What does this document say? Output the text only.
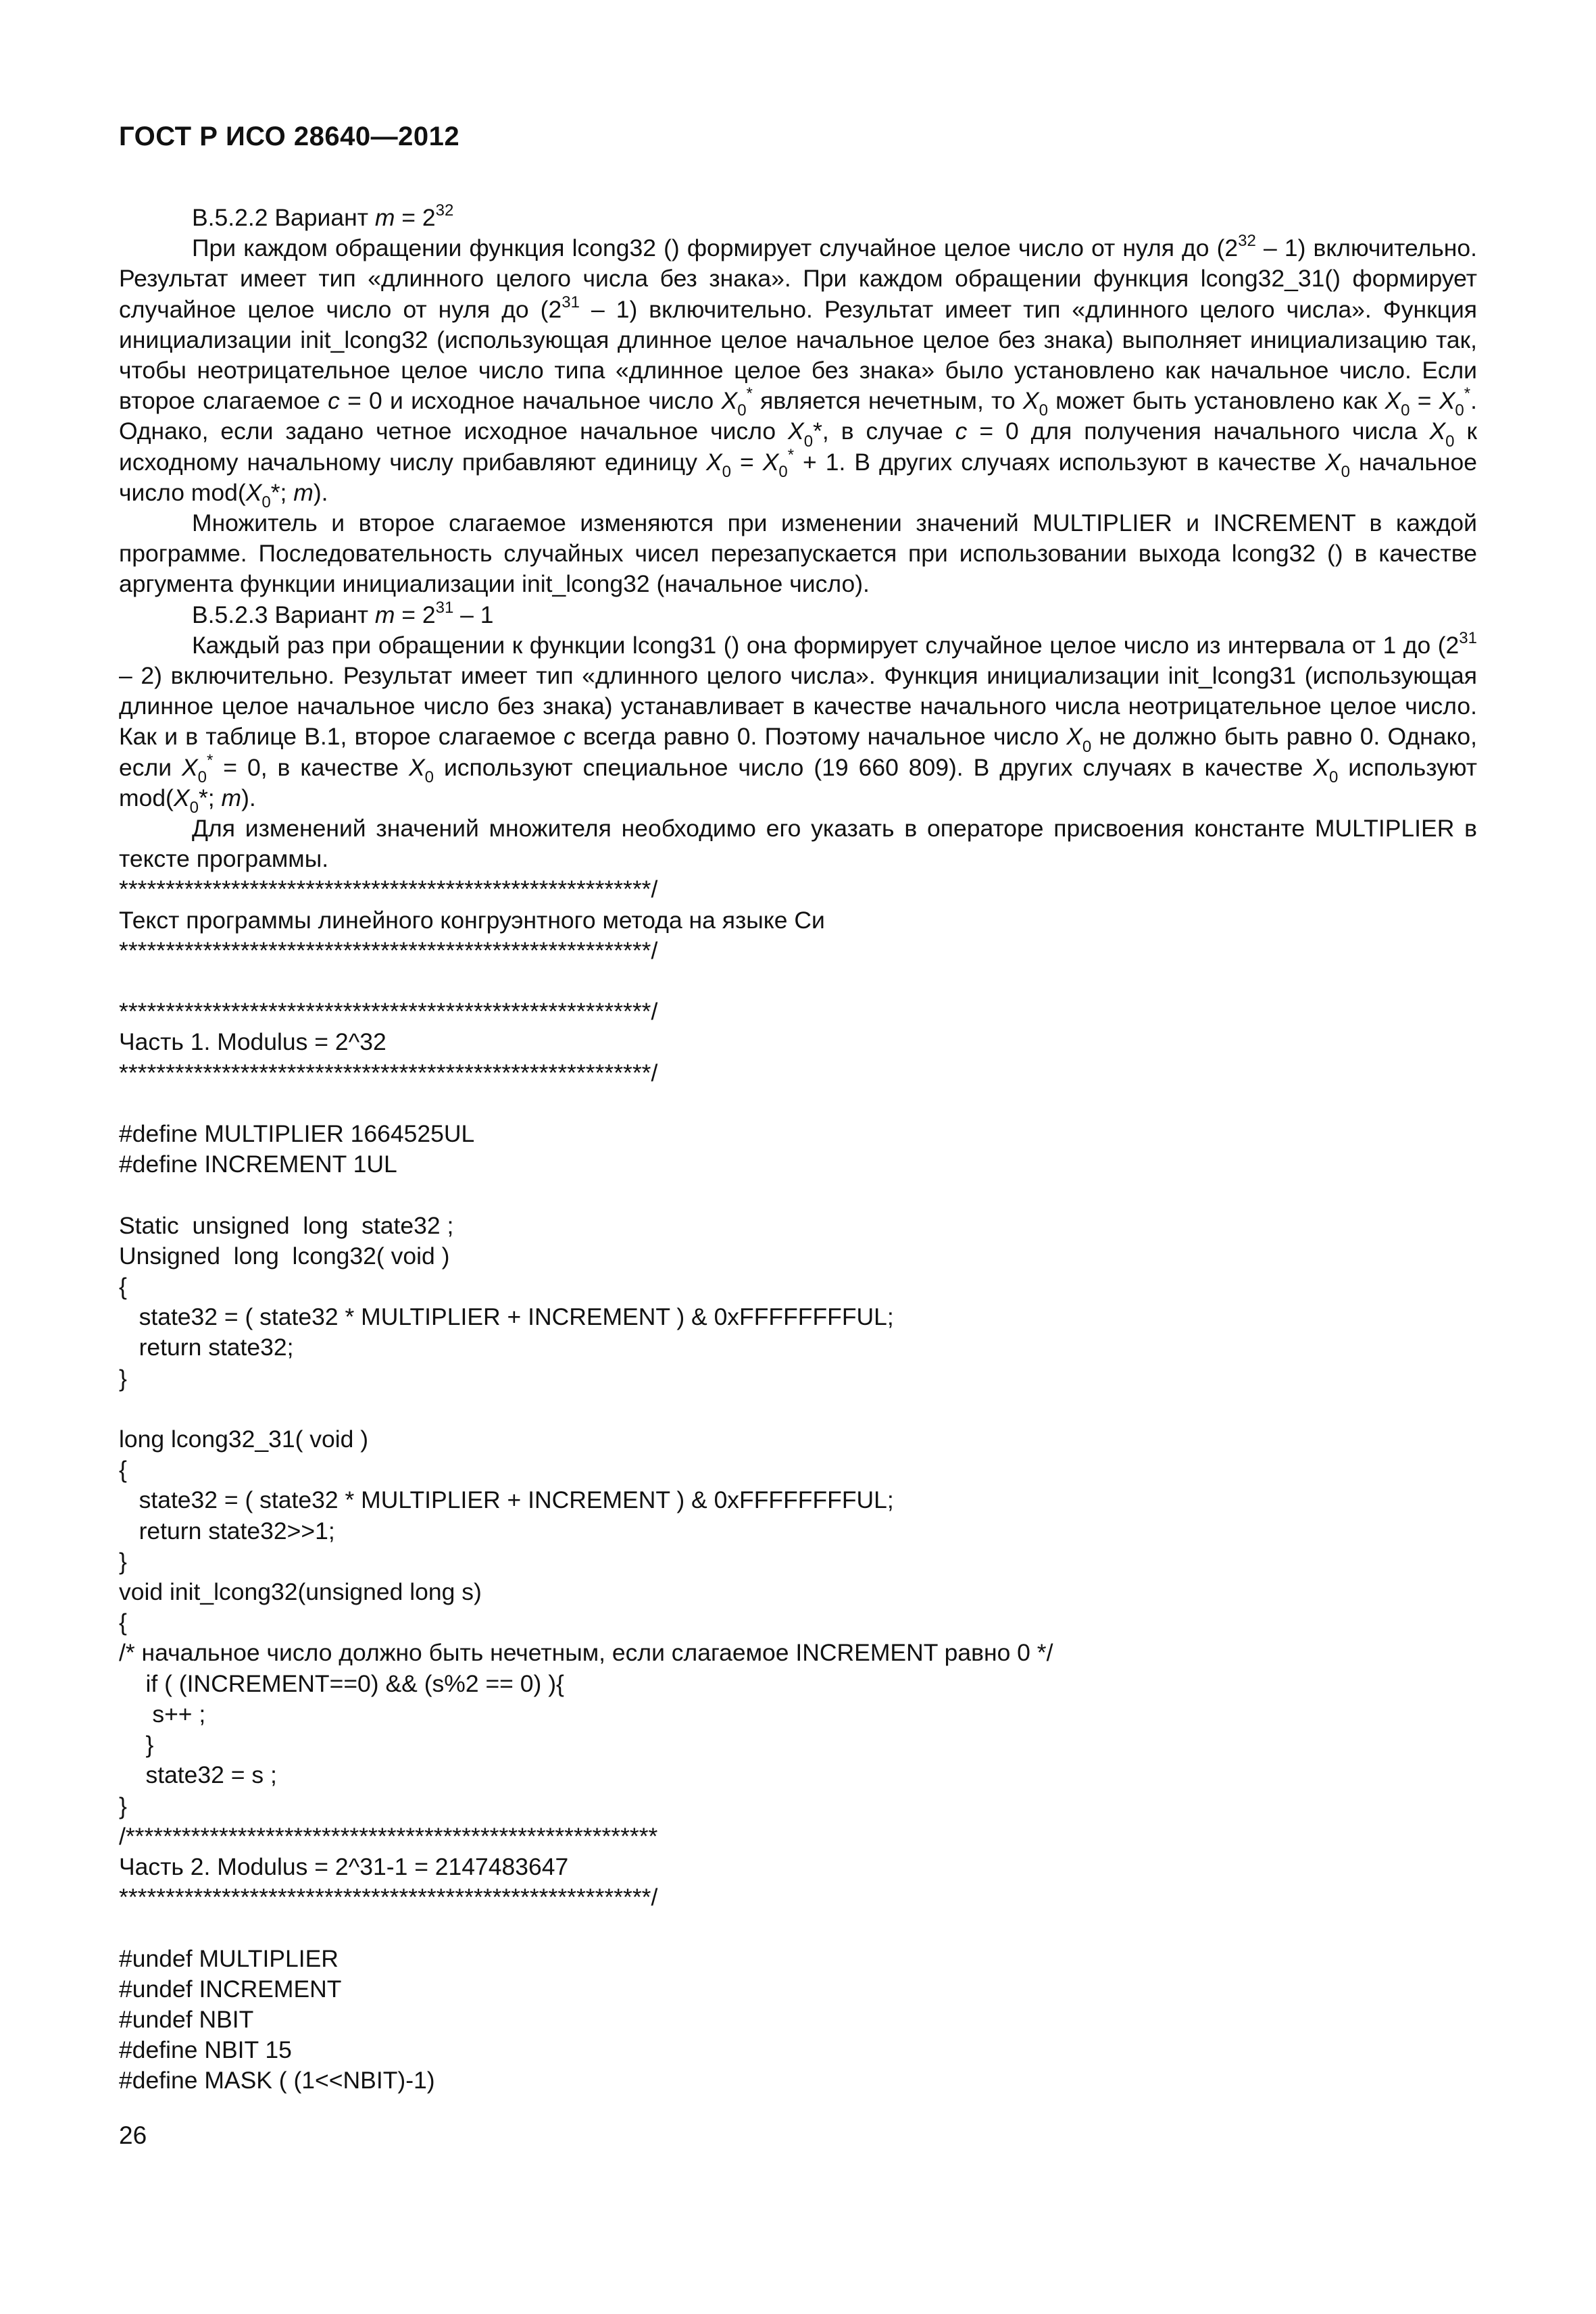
ГОСТ Р ИСО 28640—2012

В.5.2.2 Вариант $m = 2^{32}$

При каждом обращении функция lcong32 () формирует случайное целое число от нуля до $(2^{32} - 1)$ включительно. Результат имеет тип «длинного целого числа без знака». При каждом обращении функция lcong32_31() формирует случайное целое число от нуля до $(2^{31} - 1)$ включительно. Результат имеет тип «длинного целого числа». Функция инициализации init_lcong32 (использующая длинное целое начальное целое без знака) выполняет инициализацию так, чтобы неотрицательное целое число типа «длинное целое без знака» было установлено как начальное число. Если второе слагаемое c = 0 и исходное начальное число $X_0^*$ является нечетным, то $X_0$ может быть установлено как $X_0 = X_0^*$. Однако, если задано четное исходное начальное число $X_0*$, в случае c = 0 для получения начального числа $X_0$ к исходному начальному числу прибавляют единицу $X_0 = X_0^* + 1$. В других случаях используют в качестве $X_0$ начальное число $mod(X_0*$; m).

Множитель и второе слагаемое изменяются при изменении значений MULTIPLIER и INCREMENT в каждой программе. Последовательность случайных чисел перезапускается при использовании выхода lcong32 () в качестве аргумента функции инициализации init_lcong32 (начальное число).

В.5.2.3 Вариант $m = 2^{31} - 1$

Каждый раз при обращении к функции lcong31 () она формирует случайное целое число из интервала от 1 до $(2^{31} - 2)$ включительно. Результат имеет тип «длинного целого числа». Функция инициализации init_lcong31 (использующая длинное целое начальное число без знака) устанавливает в качестве начального числа неотрицательное целое число. Как и в таблице В.1, второе слагаемое c всегда равно 0. Поэтому начальное число $X_0$ не должно быть равно 0. Однако, если $X_0^* = 0$, в качестве $X_0$ используют специальное число (19 660 809). В других случаях в качестве $X_0$ используют $mod(X_0*$; m).

Для изменений значений множителя необходимо его указать в операторе присвоения константе MULTIPLIER в тексте программы.

*********************************************************/
Текст программы линейного конгруэнтного метода на языке Си
*********************************************************/
*********************************************************/
Часть 1. Modulus = 2^32
*********************************************************/
#define MULTIPLIER 1664525UL
#define INCREMENT 1UL
Static  unsigned  long  state32 ;
Unsigned  long  lcong32( void )
{
state32 = ( state32 * MULTIPLIER + INCREMENT ) & 0xFFFFFFFFUL;
return state32;
}
long lcong32_31( void )
{
state32 = ( state32 * MULTIPLIER + INCREMENT ) & 0xFFFFFFFFUL;
return state32>>1;
}
void init_lcong32(unsigned long s)
{
/* начальное число должно быть нечетным, если слагаемое INCREMENT равно 0 */
if ( (INCREMENT==0) && (s%2 == 0) ){
s++ ;
}
state32 = s ;
}
/*********************************************************
Часть 2. Modulus = 2^31-1 = 2147483647
*********************************************************/
#undef MULTIPLIER
#undef INCREMENT
#undef NBIT
#define NBIT 15
#define MASK ( (1<<NBIT)-1)
26
